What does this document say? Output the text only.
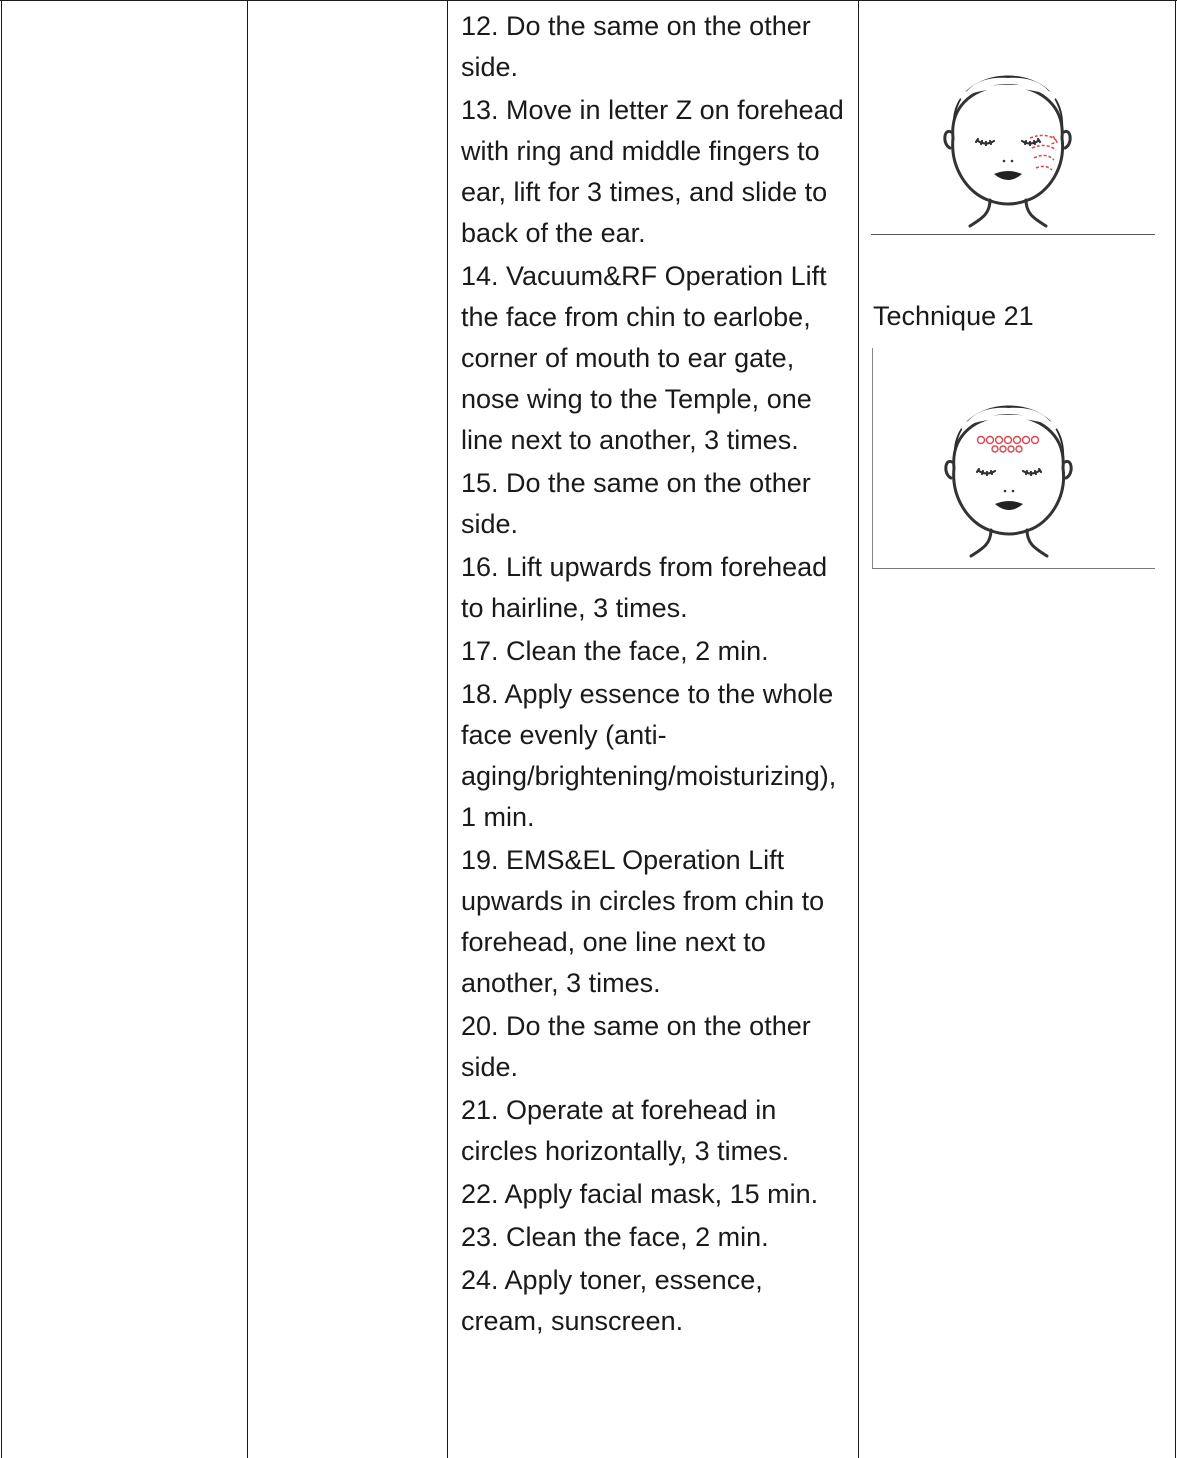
12. Do the same on the other side.

13. Move in letter Z on forehead with ring and middle fingers to ear, lift for 3 times, and slide to back of the ear.

14. Vacuum&RF Operation Lift the face from chin to earlobe, corner of mouth to ear gate, nose wing to the Temple, one line next to another, 3 times.

15. Do the same on the other side.

16. Lift upwards from forehead to hairline, 3 times.

17. Clean the face, 2 min.

18. Apply essence to the whole face evenly (anti-aging/brightening/moisturizing), 1 min.

19. EMS&EL Operation Lift upwards in circles from chin to forehead, one line next to another, 3 times.

20. Do the same on the other side.

21. Operate at forehead in circles horizontally, 3 times.

22. Apply facial mask, 15 min.

23. Clean the face, 2 min.

24. Apply toner, essence, cream, sunscreen.

Technique 21
